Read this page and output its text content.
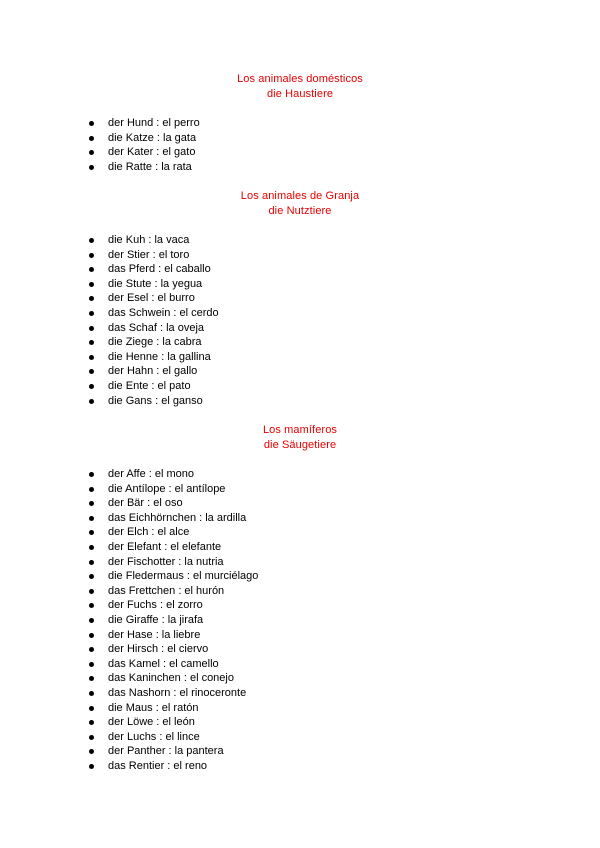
Los animales domésticos
die Haustiere
der Hund : el perro
die Katze : la gata
der Kater : el gato
die Ratte : la rata
Los animales de Granja
die Nutztiere
die Kuh : la vaca
der Stier : el toro
das Pferd : el caballo
die Stute : la yegua
der Esel : el burro
das Schwein : el cerdo
das Schaf : la oveja
die Ziege : la cabra
die Henne : la gallina
der Hahn : el gallo
die Ente : el pato
die Gans : el ganso
Los mamíferos
die Säugetiere
der Affe : el mono
die Antílope : el antílope
der Bär : el oso
das Eichhörnchen : la ardilla
der Elch : el alce
der Elefant : el elefante
der Fischotter : la nutria
die Fledermaus : el murciélago
das Frettchen : el hurón
der Fuchs : el zorro
die Giraffe : la jirafa
der Hase : la liebre
der Hirsch : el ciervo
das Kamel : el camello
das Kaninchen : el conejo
das Nashorn : el rinoceronte
die Maus : el ratón
der Löwe : el león
der Luchs : el lince
der Panther : la pantera
das Rentier : el reno
